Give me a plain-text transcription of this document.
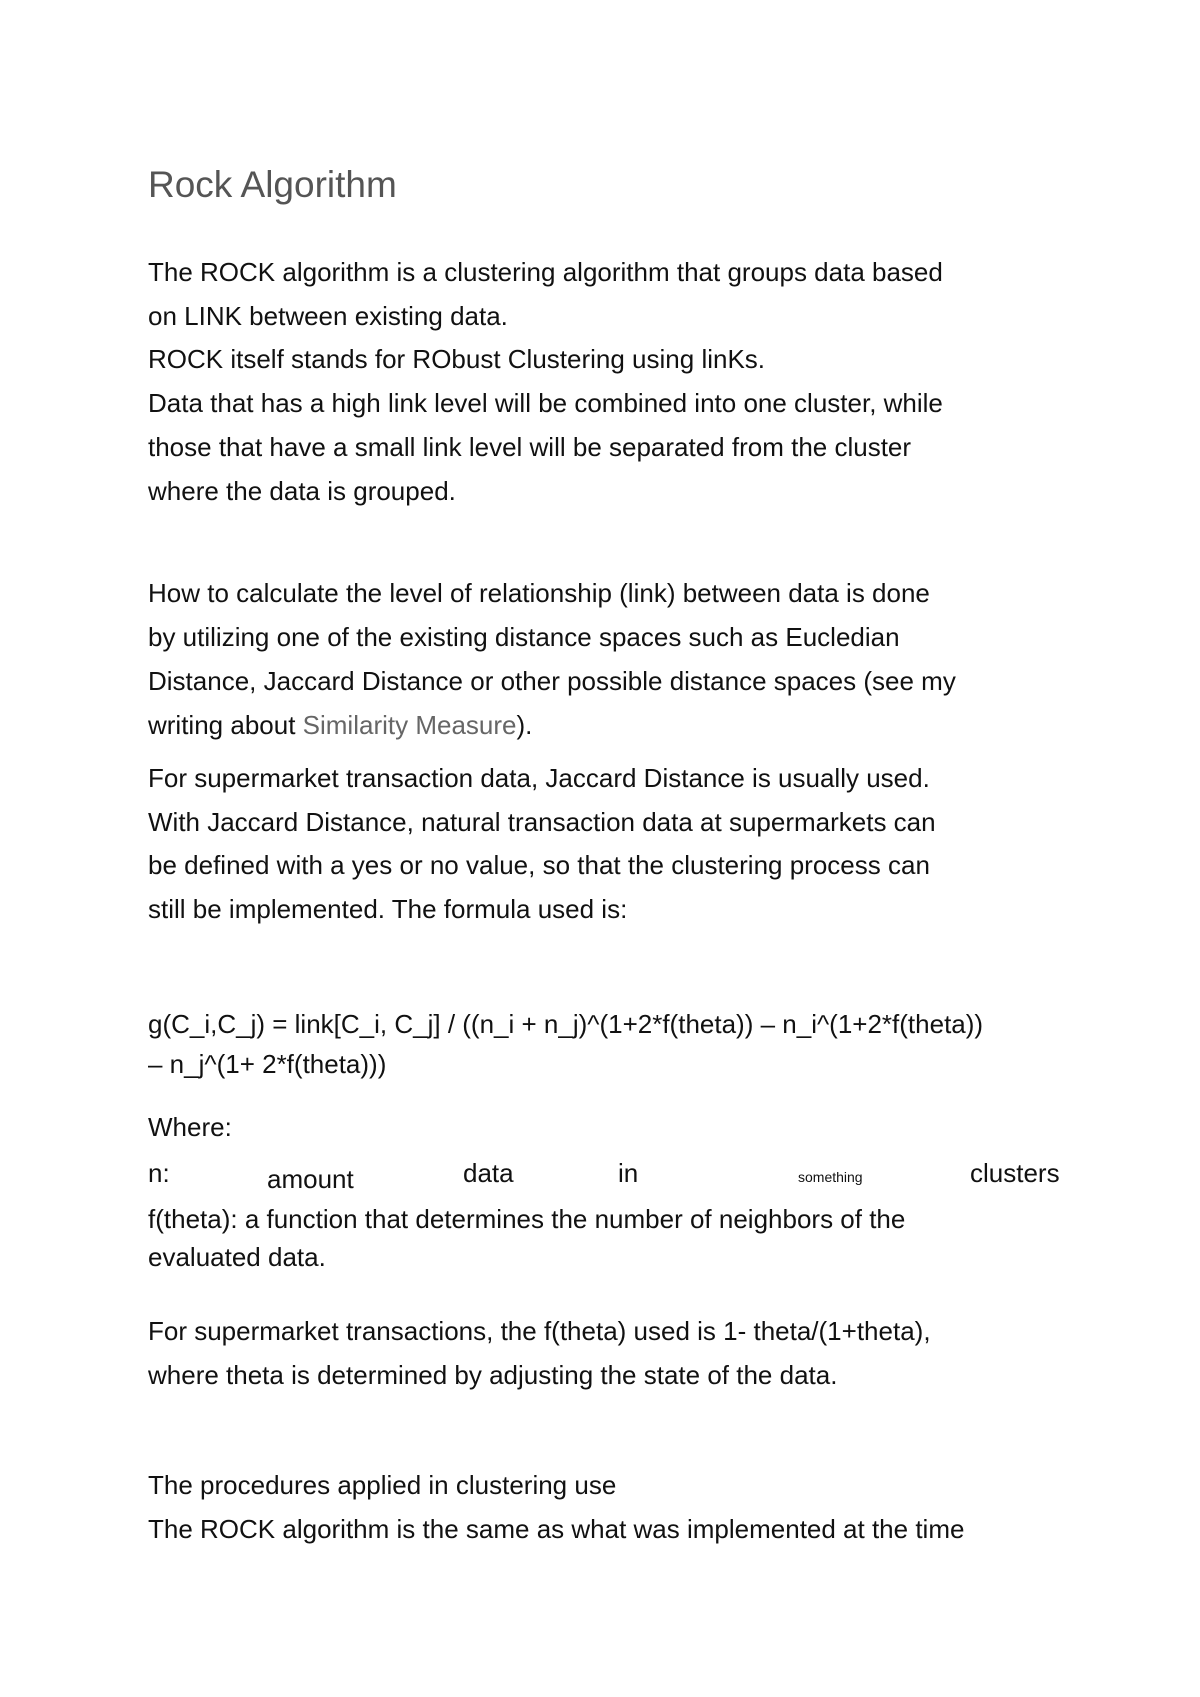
Rock Algorithm
The ROCK algorithm is a clustering algorithm that groups data based
on LINK between existing data.
ROCK itself stands for RObust Clustering using linKs.
Data that has a high link level will be combined into one cluster, while
those that have a small link level will be separated from the cluster
where the data is grouped.
How to calculate the level of relationship (link) between data is done
by utilizing one of the existing distance spaces such as Eucledian
Distance, Jaccard Distance or other possible distance spaces (see my
writing about Similarity Measure).
For supermarket transaction data, Jaccard Distance is usually used.
With Jaccard Distance, natural transaction data at supermarkets can
be defined with a yes or no value, so that the clustering process can
still be implemented. The formula used is:
g(C_i,C_j) = link[C_i, C_j] / ((n_i + n_j)^(1+2*f(theta)) – n_i^(1+2*f(theta))
– n_j^(1+ 2*f(theta)))
Where:
n:	amount	data	in	something	clusters
f(theta): a function that determines the number of neighbors of the
evaluated data.
For supermarket transactions, the f(theta) used is 1- theta/(1+theta),
where theta is determined by adjusting the state of the data.
The procedures applied in clustering use
The ROCK algorithm is the same as what was implemented at the time
